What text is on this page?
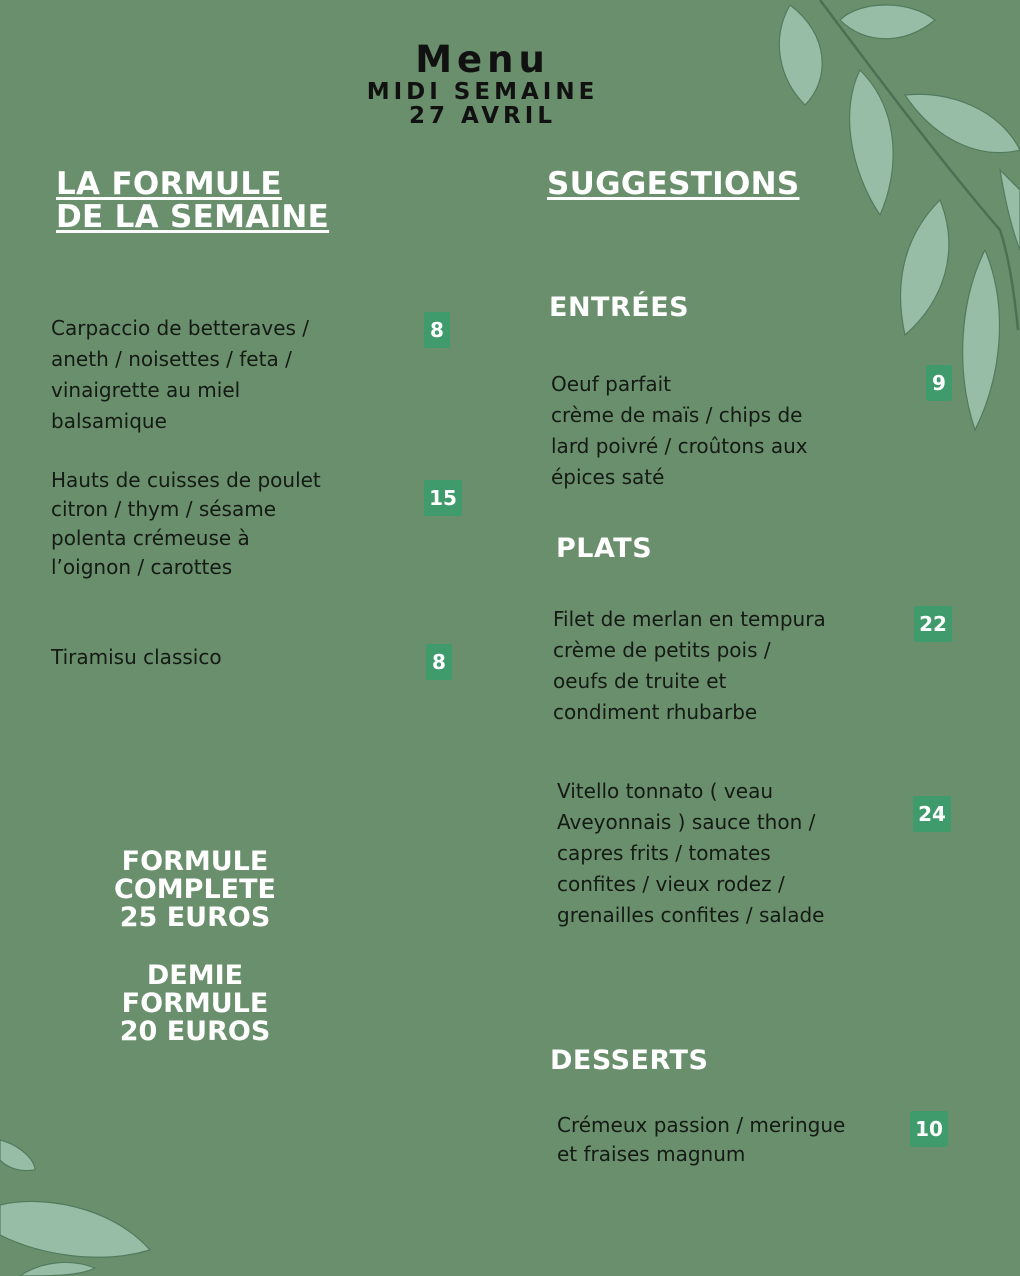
Menu
MIDI SEMAINE
27 AVRIL
LA FORMULE
DE LA SEMAINE
Carpaccio de betteraves /
aneth / noisettes / feta /
vinaigrette au miel
balsamique
8
Hauts de cuisses de poulet
citron / thym / sésame
polenta crémeuse à
l’oignon / carottes
15
Tiramisu classico	8
FORMULE
COMPLETE
25 EUROS
DEMIE
FORMULE
20 EUROS
SUGGESTIONS
ENTRÉES
Oeuf parfait
crème de maïs / chips de
lard poivré / croûtons aux
épices saté
9
PLATS
Filet de merlan en tempura
crème de petits pois /
oeufs de truite et
condiment rhubarbe
22
Vitello tonnato ( veau
Aveyonnais ) sauce thon /
capres frits / tomates
confites / vieux rodez /
grenailles confites / salade
24
DESSERTS
Crémeux passion / meringue
et fraises magnum
10
